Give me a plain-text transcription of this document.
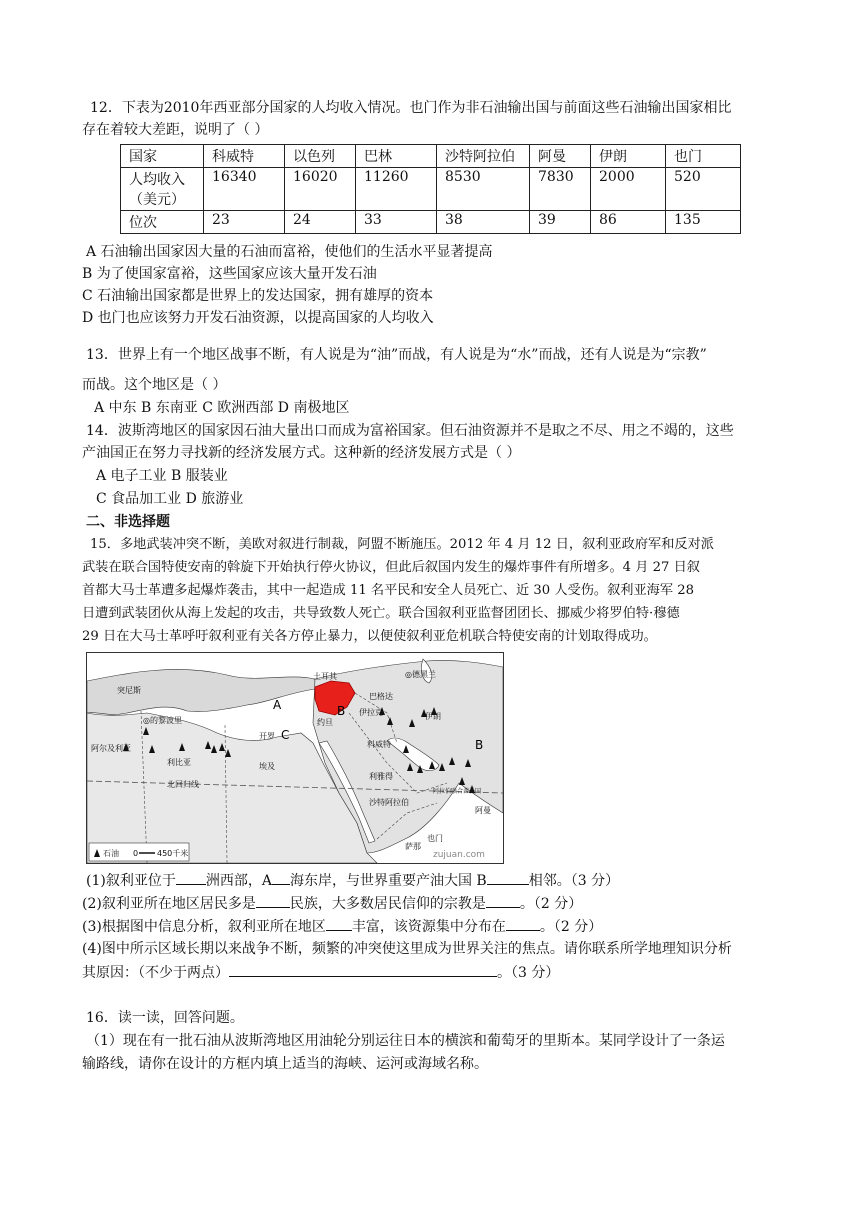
12．下表为2010年西亚部分国家的人均收入情况。也门作为非石油输出国与前面这些石油输出国家相比
存在着较大差距，说明了（ ）
国家	科威特	以色列	巴林	沙特阿拉伯	阿曼	伊朗	也门

人均收入
（美元）	16340	16020	11260	8530	7830	2000	520
位次	23	24	33	38	39	86	135
A 石油输出国家因大量的石油而富裕，使他们的生活水平显著提高
B 为了使国家富裕，这些国家应该大量开发石油
C 石油输出国家都是世界上的发达国家，拥有雄厚的资本
D 也门也应该努力开发石油资源，以提高国家的人均收入
13．世界上有一个地区战事不断，有人说是为“油”而战，有人说是为“水”而战，还有人说是为“宗教”
而战。这个地区是（ ）
A 中东 B 东南亚 C 欧洲西部 D 南极地区
14．波斯湾地区的国家因石油大量出口而成为富裕国家。但石油资源并不是取之不尽、用之不竭的，这些
产油国正在努力寻找新的经济发展方式。这种新的经济发展方式是（ ）
A 电子工业 B 服装业
C 食品加工业 D 旅游业
二、非选择题
15．多地武装冲突不断，美欧对叙进行制裁，阿盟不断施压。2012 年 4 月 12 日，叙利亚政府军和反对派
武装在联合国特使安南的斡旋下开始执行停火协议，但此后叙国内发生的爆炸事件有所增多。4 月 27 日叙
首都大马士革遭多起爆炸袭击，其中一起造成 11 名平民和安全人员死亡、近 30 人受伤。叙利亚海军 28
日遭到武装团伙从海上发起的攻击，共导致数人死亡。联合国叙利亚监督团团长、挪威少将罗伯特·穆德
29 日在大马士革呼吁叙利亚有关各方停止暴力，以便使叙利亚危机联合特使安南的计划取得成功。
土耳其	◎德黑兰
巴格达
伊朗
伊拉克
约旦
科威特
突尼斯
◎的黎波里
阿尔及利亚
利比亚
开罗
埃及
北回归线
利雅得
沙特阿拉伯
阿拉伯联合酋长国
阿曼
也门
萨那
A	B
B
C
zujuan.com
石油 0 450千米
(1)叙利亚位于 洲西部，A 海东岸，与世界重要产油大国 B	相邻。（3 分）
(2)叙利亚所在地区居民多是 民族，大多数居民信仰的宗教是 。（2 分）
(3)根据图中信息分析，叙利亚所在地区 丰富，该资源集中分布在 。（2 分）
(4)图中所示区域长期以来战争不断，频繁的冲突使这里成为世界关注的焦点。请你联系所学地理知识分析
其原因：（不少于两点）	。（3 分）
16．读一读，回答问题。
（1）现在有一批石油从波斯湾地区用油轮分别运往日本的横滨和葡萄牙的里斯本。某同学设计了一条运
输路线，请你在设计的方框内填上适当的海峡、运河或海域名称。
